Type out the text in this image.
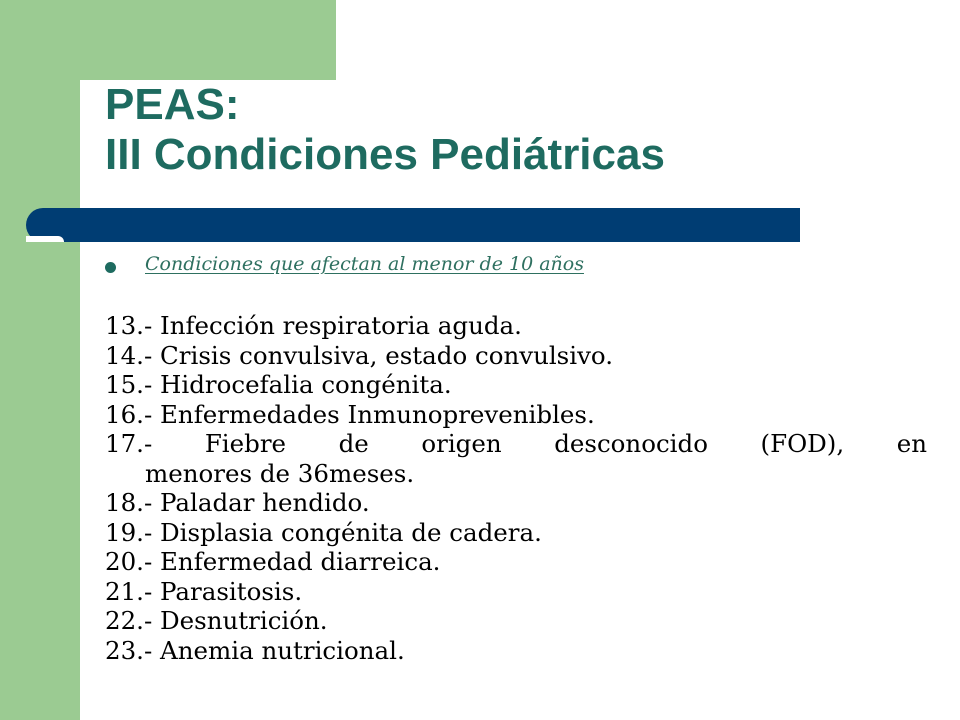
PEAS:
III Condiciones Pediátricas
Condiciones que afectan al menor de 10 años
13.- Infección respiratoria aguda.
14.- Crisis convulsiva, estado convulsivo.
15.- Hidrocefalia congénita.
16.- Enfermedades Inmunoprevenibles.
17.- Fiebre de origen desconocido (FOD), en
menores de 36meses.
18.- Paladar hendido.
19.- Displasia congénita de cadera.
20.- Enfermedad diarreica.
21.- Parasitosis.
22.- Desnutrición.
23.- Anemia nutricional.
